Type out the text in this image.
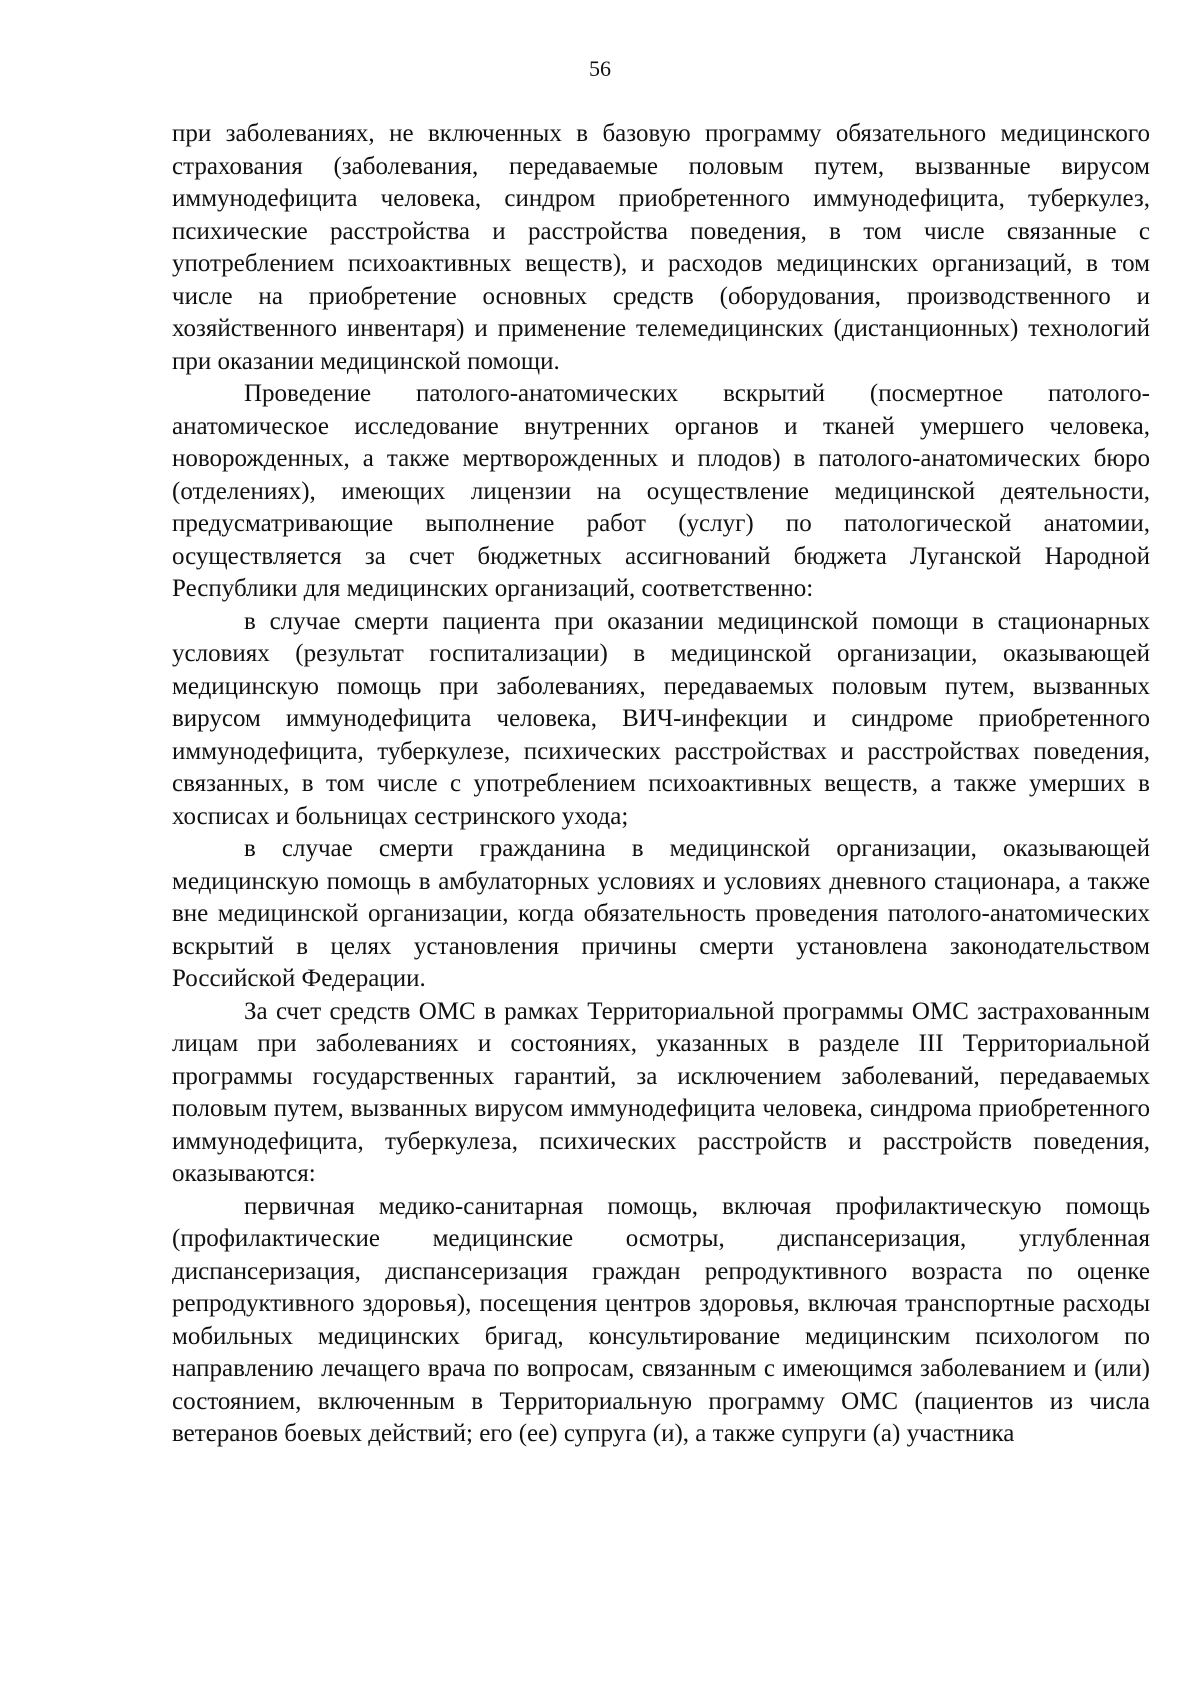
56

при заболеваниях, не включенных в базовую программу обязательного медицинского страхования (заболевания, передаваемые половым путем, вызванные вирусом иммунодефицита человека, синдром приобретенного иммунодефицита, туберкулез, психические расстройства и расстройства поведения, в том числе связанные с употреблением психоактивных веществ), и расходов медицинских организаций, в том числе на приобретение основных средств (оборудования, производственного и хозяйственного инвентаря) и применение телемедицинских (дистанционных) технологий при оказании медицинской помощи.

Проведение патолого-анатомических вскрытий (посмертное патолого-анатомическое исследование внутренних органов и тканей умершего человека, новорожденных, а также мертворожденных и плодов) в патолого-анатомических бюро (отделениях), имеющих лицензии на осуществление медицинской деятельности, предусматривающие выполнение работ (услуг) по патологической анатомии, осуществляется за счет бюджетных ассигнований бюджета Луганской Народной Республики для медицинских организаций, соответственно:

в случае смерти пациента при оказании медицинской помощи в стационарных условиях (результат госпитализации) в медицинской организации, оказывающей медицинскую помощь при заболеваниях, передаваемых половым путем, вызванных вирусом иммунодефицита человека, ВИЧ-инфекции и синдроме приобретенного иммунодефицита, туберкулезе, психических расстройствах и расстройствах поведения, связанных, в том числе с употреблением психоактивных веществ, а также умерших в хосписах и больницах сестринского ухода;

в случае смерти гражданина в медицинской организации, оказывающей медицинскую помощь в амбулаторных условиях и условиях дневного стационара, а также вне медицинской организации, когда обязательность проведения патолого-анатомических вскрытий в целях установления причины смерти установлена законодательством Российской Федерации.

За счет средств ОМС в рамках Территориальной программы ОМС застрахованным лицам при заболеваниях и состояниях, указанных в разделе III Территориальной программы государственных гарантий, за исключением заболеваний, передаваемых половым путем, вызванных вирусом иммунодефицита человека, синдрома приобретенного иммунодефицита, туберкулеза, психических расстройств и расстройств поведения, оказываются:

первичная медико-санитарная помощь, включая профилактическую помощь (профилактические медицинские осмотры, диспансеризация, углубленная диспансеризация, диспансеризация граждан репродуктивного возраста по оценке репродуктивного здоровья), посещения центров здоровья, включая транспортные расходы мобильных медицинских бригад, консультирование медицинским психологом по направлению лечащего врача по вопросам, связанным с имеющимся заболеванием и (или) состоянием, включенным в Территориальную программу ОМС (пациентов из числа ветеранов боевых действий; его (ее) супруга (и), а также супруги (а) участника
